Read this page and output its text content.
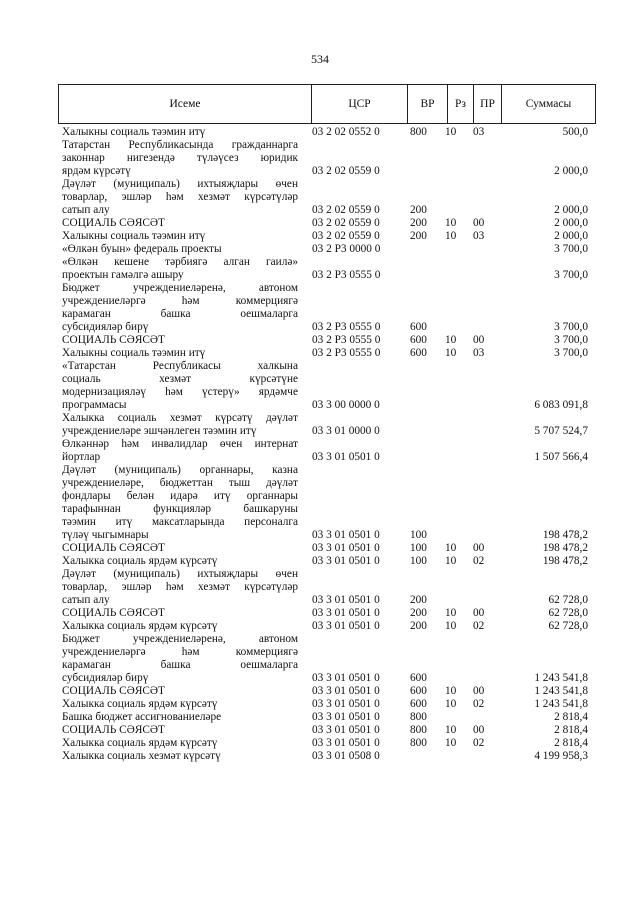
534
Исеме	ЦСР	ВР	Рз	ПР	Суммасы
Халыкны социаль тәэмин итү	03 2 02 0552 0	800	10	03	500,0
Татарстан Республикасында гражданнарга
законнар нигезендә түләүсез юридик
ярдәм күрсәтү	03 2 02 0559 0	2 000,0
Дәүләт (муниципаль) ихтыяҗлары өчен
товарлар, эшләр һәм хезмәт күрсәтүләр
сатып алу	03 2 02 0559 0	200	2 000,0
СОЦИАЛЬ СӘЯСӘТ	03 2 02 0559 0	200	10	00	2 000,0
Халыкны социаль тәэмин итү	03 2 02 0559 0	200	10	03	2 000,0
«Өлкән буын» федераль проекты	03 2 P3 0000 0	3 700,0
«Өлкән кешене тәрбиягә алган гаилә»
проектын гамәлгә ашыру	03 2 P3 0555 0	3 700,0
Бюджет учреждениеләренә, автоном
учреждениеләргә һәм коммерциягә
карамаган башка оешмаларга
субсидияләр бирү	03 2 P3 0555 0	600	3 700,0
СОЦИАЛЬ СӘЯСӘТ	03 2 P3 0555 0	600	10	00	3 700,0
Халыкны социаль тәэмин итү	03 2 P3 0555 0	600	10	03	3 700,0
«Татарстан Республикасы халкына
социаль хезмәт күрсәтүне
модернизацияләү һәм үстерү» ярдәмче
программасы	03 3 00 0000 0	6 083 091,8
Халыкка социаль хезмәт күрсәтү дәүләт
учреждениеләре эшчәнлеген тәэмин итү	03 3 01 0000 0	5 707 524,7
Өлкәннәр һәм инвалидлар өчен интернат
йортлар	03 3 01 0501 0	1 507 566,4
Дәүләт (муниципаль) органнары, казна
учреждениеләре, бюджеттан тыш дәүләт
фондлары белән идарә итү органнары
тарафыннан функцияләр башкаруны
тәэмин итү максатларында персоналга
түләү чыгымнары	03 3 01 0501 0	100	198 478,2
СОЦИАЛЬ СӘЯСӘТ	03 3 01 0501 0	100	10	00	198 478,2
Халыкка социаль ярдәм күрсәтү	03 3 01 0501 0	100	10	02	198 478,2
Дәүләт (муниципаль) ихтыяҗлары өчен
товарлар, эшләр һәм хезмәт күрсәтүләр
сатып алу	03 3 01 0501 0	200	62 728,0
СОЦИАЛЬ СӘЯСӘТ	03 3 01 0501 0	200	10	00	62 728,0
Халыкка социаль ярдәм күрсәтү	03 3 01 0501 0	200	10	02	62 728,0
Бюджет учреждениеләренә, автоном
учреждениеләргә һәм коммерциягә
карамаган башка оешмаларга
субсидияләр бирү	03 3 01 0501 0	600	1 243 541,8
СОЦИАЛЬ СӘЯСӘТ	03 3 01 0501 0	600	10	00	1 243 541,8
Халыкка социаль ярдәм күрсәтү	03 3 01 0501 0	600	10	02	1 243 541,8
Башка бюджет ассигнованиеләре	03 3 01 0501 0	800	2 818,4
СОЦИАЛЬ СӘЯСӘТ	03 3 01 0501 0	800	10	00	2 818,4
Халыкка социаль ярдәм күрсәтү	03 3 01 0501 0	800	10	02	2 818,4
Халыкка социаль хезмәт күрсәтү	03 3 01 0508 0	4 199 958,3
